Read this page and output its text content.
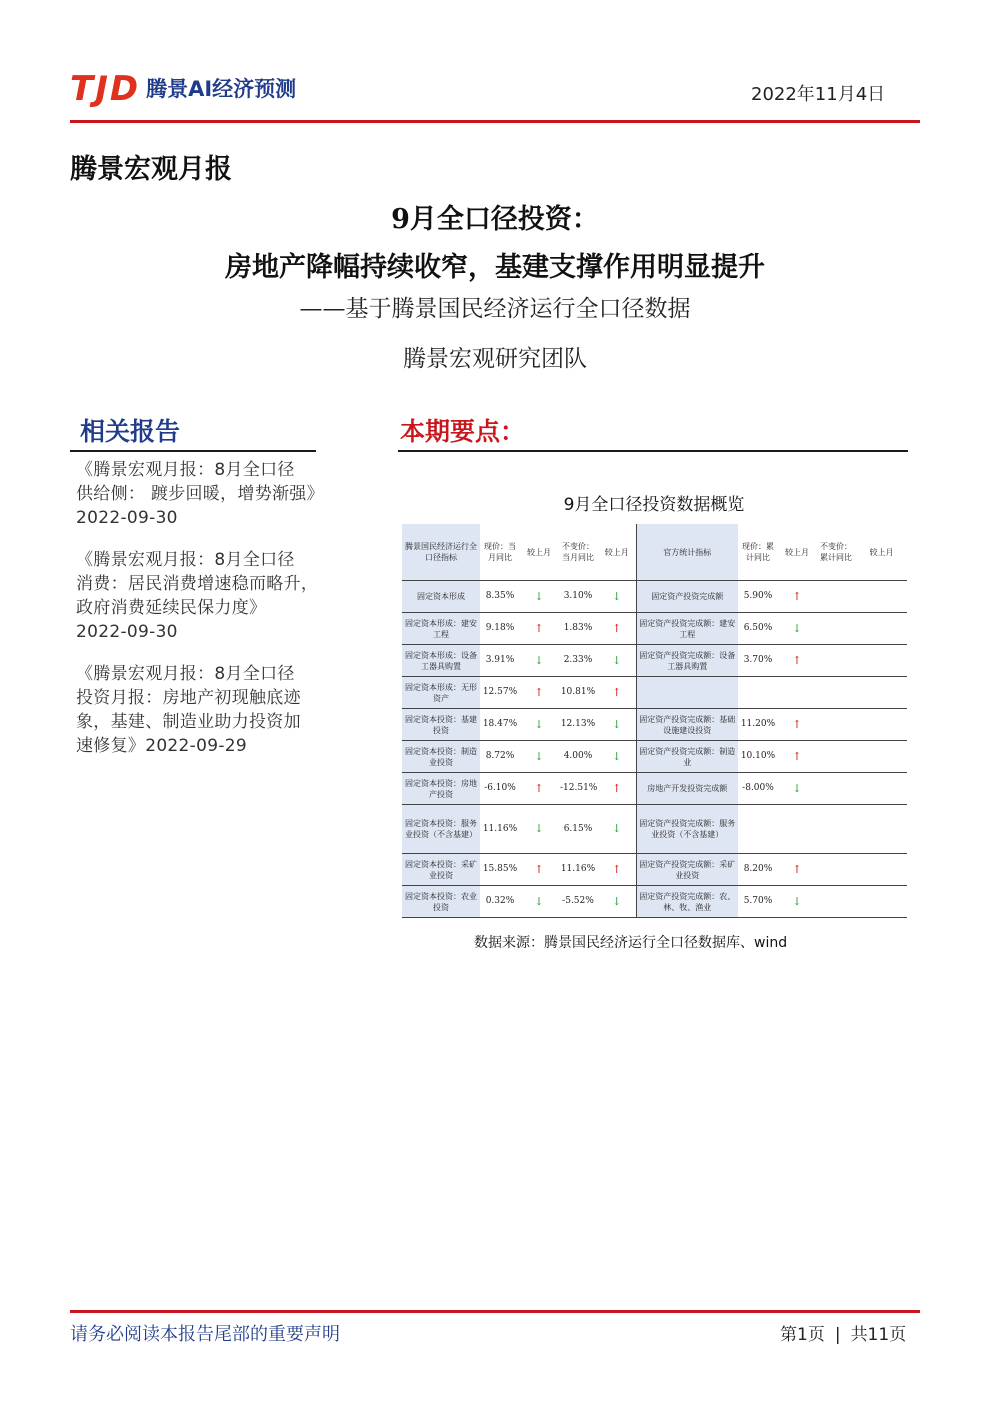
TJD 腾景AI经济预测	2022年11月4日
腾景宏观月报
9月全口径投资：
房地产降幅持续收窄，基建支撑作用明显提升
——基于腾景国民经济运行全口径数据
腾景宏观研究团队
相关报告
《腾景宏观月报：8月全口径
供给侧： 踱步回暖，增势渐强》
2022-09-30
《腾景宏观月报：8月全口径
消费：居民消费增速稳而略升，
政府消费延续民保力度》
2022-09-30
《腾景宏观月报：8月全口径
投资月报：房地产初现触底迹
象，基建、制造业助力投资加
速修复》2022-09-29
本期要点：
9月全口径投资数据概览
腾景国民经济运行全口径指标	现价：当月同比	较上月	不变价：当月同比	较上月	官方统计指标	现价：累计同比	较上月	不变价：累计同比	较上月
固定资本形成	8.35%	↓	3.10%	↓	固定资产投资完成额	5.90%	↑		
固定资本形成：建安工程	9.18%	↑	1.83%	↑	固定资产投资完成额：建安工程	6.50%	↓		
固定资本形成：设备工器具购置	3.91%	↓	2.33%	↓	固定资产投资完成额：设备工器具购置	3.70%	↑		
固定资本形成：无形资产	12.57%	↑	10.81%	↑					
固定资本投资：基建投资	18.47%	↓	12.13%	↓	固定资产投资完成额：基础设施建设投资	11.20%	↑		
固定资本投资：制造业投资	8.72%	↓	4.00%	↓	固定资产投资完成额：制造业	10.10%	↑		
固定资本投资：房地产投资	-6.10%	↑	-12.51%	↑	房地产开发投资完成额	-8.00%	↓		
固定资本投资：服务业投资（不含基建）	11.16%	↓	6.15%	↓	固定资产投资完成额：服务业投资（不含基建）				
固定资本投资：采矿业投资	15.85%	↑	11.16%	↑	固定资产投资完成额：采矿业投资	8.20%	↑		
固定资本投资：农业投资	0.32%	↓	-5.52%	↓	固定资产投资完成额：农、林、牧、渔业	5.70%	↓		
数据来源：腾景国民经济运行全口径数据库、wind
请务必阅读本报告尾部的重要声明	第1页 | 共11页
